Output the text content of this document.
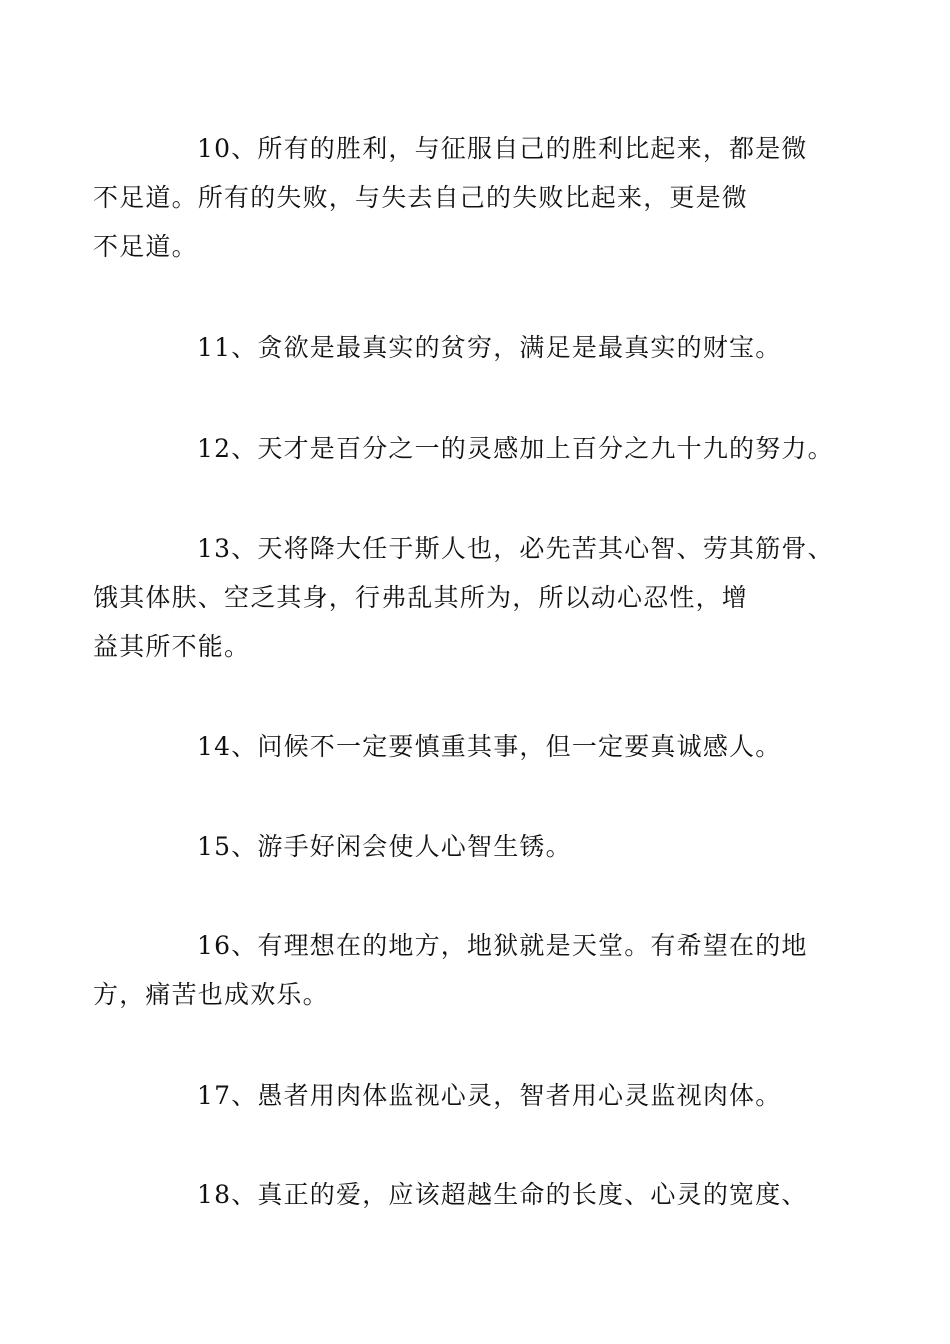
10、所有的胜利，与征服自己的胜利比起来，都是微
不足道。所有的失败，与失去自己的失败比起来，更是微
不足道。

11、贪欲是最真实的贫穷，满足是最真实的财宝。

12、天才是百分之一的灵感加上百分之九十九的努力。

13、天将降大任于斯人也，必先苦其心智、劳其筋骨、
饿其体肤、空乏其身，行弗乱其所为，所以动心忍性，增
益其所不能。

14、问候不一定要慎重其事，但一定要真诚感人。

15、游手好闲会使人心智生锈。

16、有理想在的地方，地狱就是天堂。有希望在的地
方，痛苦也成欢乐。

17、愚者用肉体监视心灵，智者用心灵监视肉体。

18、真正的爱，应该超越生命的长度、心灵的宽度、
